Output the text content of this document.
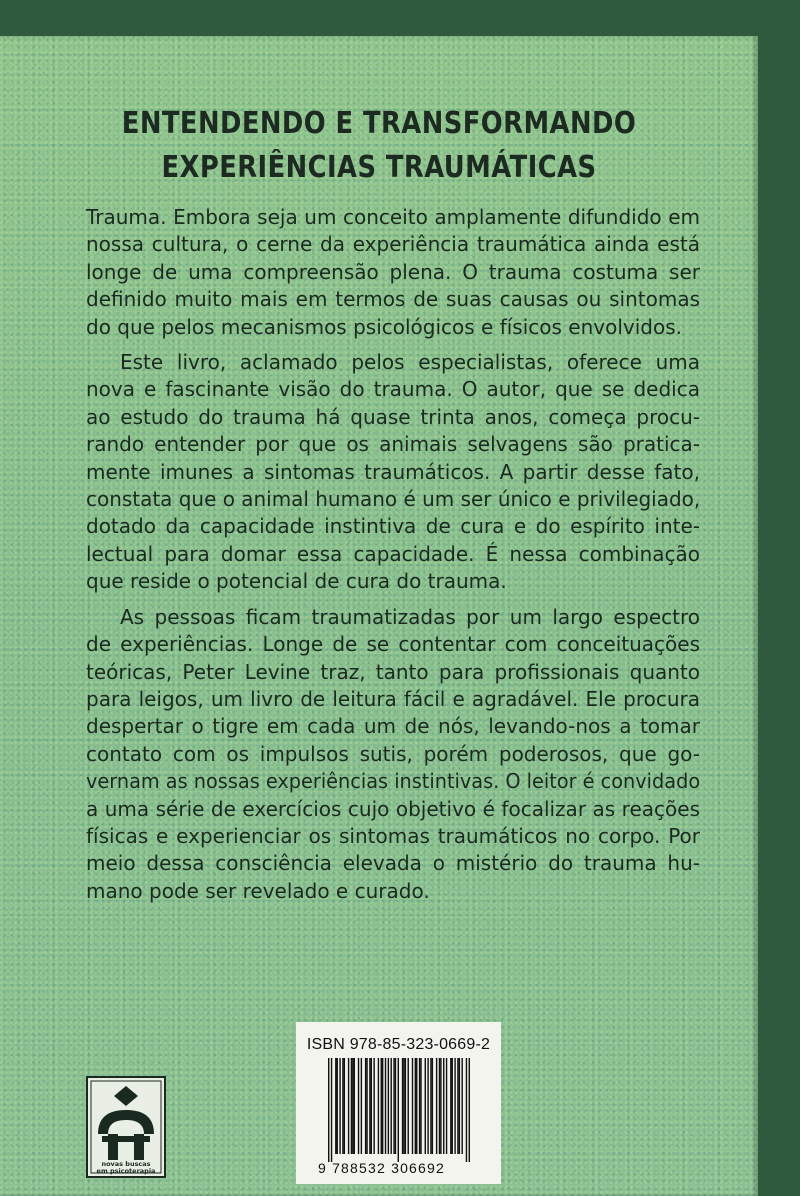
ENTENDENDO E TRANSFORMANDO
EXPERIÊNCIAS TRAUMÁTICAS
Trauma. Embora seja um conceito amplamente difundido em
nossa cultura, o cerne da experiência traumática ainda está
longe de uma compreensão plena. O trauma costuma ser
definido muito mais em termos de suas causas ou sintomas
do que pelos mecanismos psicológicos e físicos envolvidos.
Este livro, aclamado pelos especialistas, oferece uma
nova e fascinante visão do trauma. O autor, que se dedica
ao estudo do trauma há quase trinta anos, começa procu-
rando entender por que os animais selvagens são pratica-
mente imunes a sintomas traumáticos. A partir desse fato,
constata que o animal humano é um ser único e privilegiado,
dotado da capacidade instintiva de cura e do espírito inte-
lectual para domar essa capacidade. É nessa combinação
que reside o potencial de cura do trauma.
As pessoas ficam traumatizadas por um largo espectro
de experiências. Longe de se contentar com conceituações
teóricas, Peter Levine traz, tanto para profissionais quanto
para leigos, um livro de leitura fácil e agradável. Ele procura
despertar o tigre em cada um de nós, levando-nos a tomar
contato com os impulsos sutis, porém poderosos, que go-
vernam as nossas experiências instintivas. O leitor é convidado
a uma série de exercícios cujo objetivo é focalizar as reações
físicas e experienciar os sintomas traumáticos no corpo. Por
meio dessa consciência elevada o mistério do trauma hu-
mano pode ser revelado e curado.
novas buscas
em psicoterapia
ISBN 978-85-323-0669-2
9 788532 306692
